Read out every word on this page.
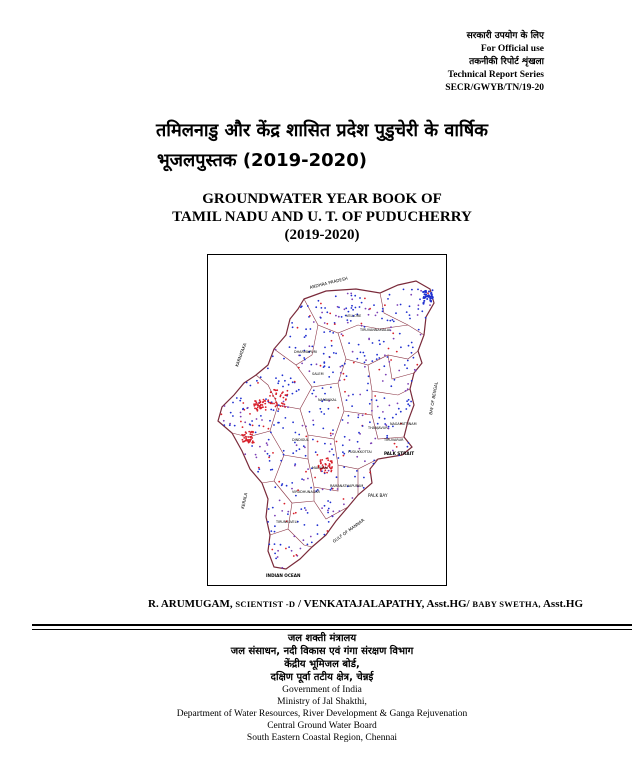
सरकारी उपयोग के लिए
For Official use
तकनीकी रिपोर्ट शृंखला
Technical Report Series
SECR/GWYB/TN/19-20
तमिलनाडु और केंद्र शासित प्रदेश पुडुचेरी के वार्षिक
भूजलपुस्तक (2019-2020)
GROUNDWATER YEAR BOOK OF
TAMIL NADU AND U. T. OF PUDUCHERRY
(2019-2020)
ANDHRA PRADESH
KARNATAKA
KERALA
BAY OF BENGAL
PALK STRAIT
PALK BAY
GULF OF MANNAR
INDIAN OCEAN
TIRUVANNAMALAI
VELLORE
DHARMAPURI
SALEM
NAMAKKAL
THANJAVUR
TIRUVARUR
NAGAPATTINAM
PUDUKKOTTAI
DINDIGUL
MADURAI
RAMANATHAPURAM
VIRUDHUNAGAR
TIRUNELVELI
R. ARUMUGAM, SCIENTIST -D / VENKATAJALAPATHY, Asst.HG/ BABY SWETHA, Asst.HG
जल शक्ती मंत्रालय
जल संसाधन, नदी विकास एवं गंगा संरक्षण विभाग
केंद्रीय भूमिजल बोर्ड,
दक्षिण पूर्वा तटीय क्षेत्र, चेन्नई
Government of India
Ministry of Jal Shakthi,
Department of Water Resources, River Development & Ganga Rejuvenation
Central Ground Water Board
South Eastern Coastal Region, Chennai
